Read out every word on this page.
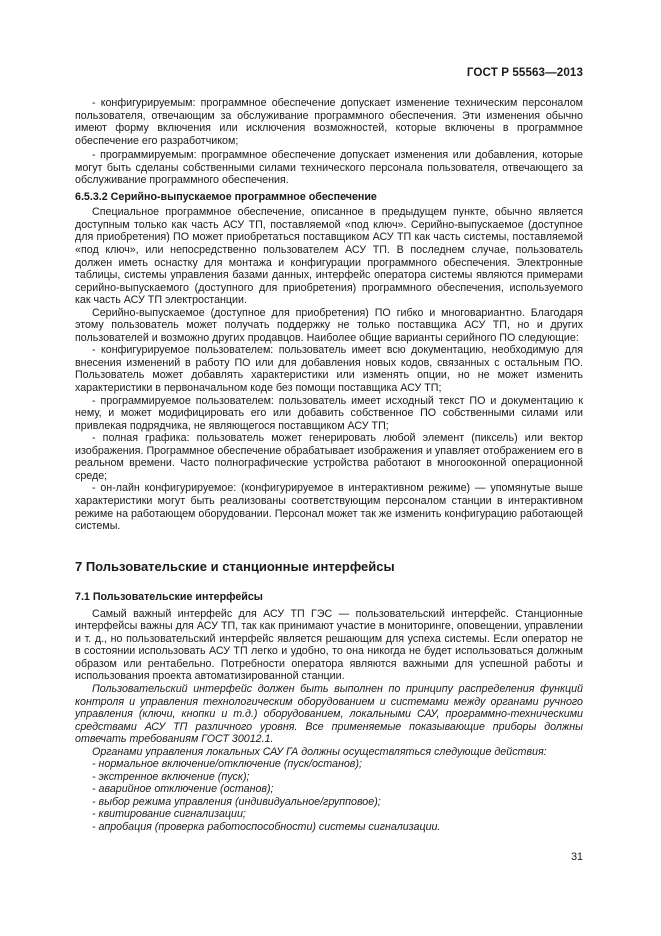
ГОСТ Р 55563—2013

- конфигурируемым: программное обеспечение допускает изменение техническим персоналом пользователя, отвечающим за обслуживание программного обеспечения. Эти изменения обычно имеют форму включения или исключения возможностей, которые включены в программное обеспечение его разработчиком;

- программируемым: программное обеспечение допускает изменения или добавления, которые могут быть сделаны собственными силами технического персонала пользователя, отвечающего за обслуживание программного обеспечения.

6.5.3.2 Серийно-выпускаемое программное обеспечение

Специальное программное обеспечение, описанное в предыдущем пункте, обычно является доступным только как часть АСУ ТП, поставляемой «под ключ». Серийно-выпускаемое (доступное для приобретения) ПО может приобретаться поставщиком АСУ ТП как часть системы, поставляемой «под ключ», или непосредственно пользователем АСУ ТП. В последнем случае, пользователь должен иметь оснастку для монтажа и конфигурации программного обеспечения. Электронные таблицы, системы управления базами данных, интерфейс оператора системы являются примерами серийно-выпускаемого (доступного для приобретения) программного обеспечения, используемого как часть АСУ ТП электростанции.

Серийно-выпускаемое (доступное для приобретения) ПО гибко и многовариантно. Благодаря этому пользователь может получать поддержку не только поставщика АСУ ТП, но и других пользователей и возможно других продавцов. Наиболее общие варианты серийного ПО следующие:

- конфигурируемое пользователем: пользователь имеет всю документацию, необходимую для внесения изменений в работу ПО или для добавления новых кодов, связанных с остальным ПО. Пользователь может добавлять характеристики или изменять опции, но не может изменить характеристики в первоначальном коде без помощи поставщика АСУ ТП;

- программируемое пользователем: пользователь имеет исходный текст ПО и документацию к нему, и может модифицировать его или добавить собственное ПО собственными силами или привлекая подрядчика, не являющегося поставщиком АСУ ТП;

- полная графика: пользователь может генерировать любой элемент (пиксель) или вектор изображения. Программное обеспечение обрабатывает изображения и упавляет отображением его в реальном времени. Часто полнографические устройства работают в многооконной операционной среде;

- он-лайн конфигурируемое: (конфигурируемое в интерактивном режиме) — упомянутые выше характеристики могут быть реализованы соответствующим персоналом станции в интерактивном режиме на работающем оборудовании. Персонал может так же изменить конфигурацию работающей системы.

7 Пользовательские и станционные интерфейсы
7.1 Пользовательские интерфейсы

Самый важный интерфейс для АСУ ТП ГЭС — пользовательский интерфейс. Станционные интерфейсы важны для АСУ ТП, так как принимают участие в мониторинге, оповещении, управлении и т. д., но пользовательский интерфейс является решающим для успеха системы. Если оператор не в состоянии использовать АСУ ТП легко и удобно, то она никогда не будет использоваться должным образом или рентабельно. Потребности оператора являются важными для успешной работы и использования проекта автоматизированной станции.

Пользовательский интерфейс должен быть выполнен по принципу распределения функций контроля и управления технологическим оборудованием и системами между органами ручного управления (ключи, кнопки и т.д.) оборудованием, локальными САУ, программно-техническими средствами АСУ ТП различного уровня. Все применяемые показывающие приборы должны отвечать требованиям ГОСТ 30012.1.

Органами управления локальных САУ ГА должны осуществляться следующие действия:

- нормальное включение/отключение (пуск/останов);

- экстренное включение (пуск);

- аварийное отключение (останов);

- выбор режима управления (индивидуальное/групповое);

- квитирование сигнализации;

- апробация (проверка работоспособности) системы сигнализации.

31
